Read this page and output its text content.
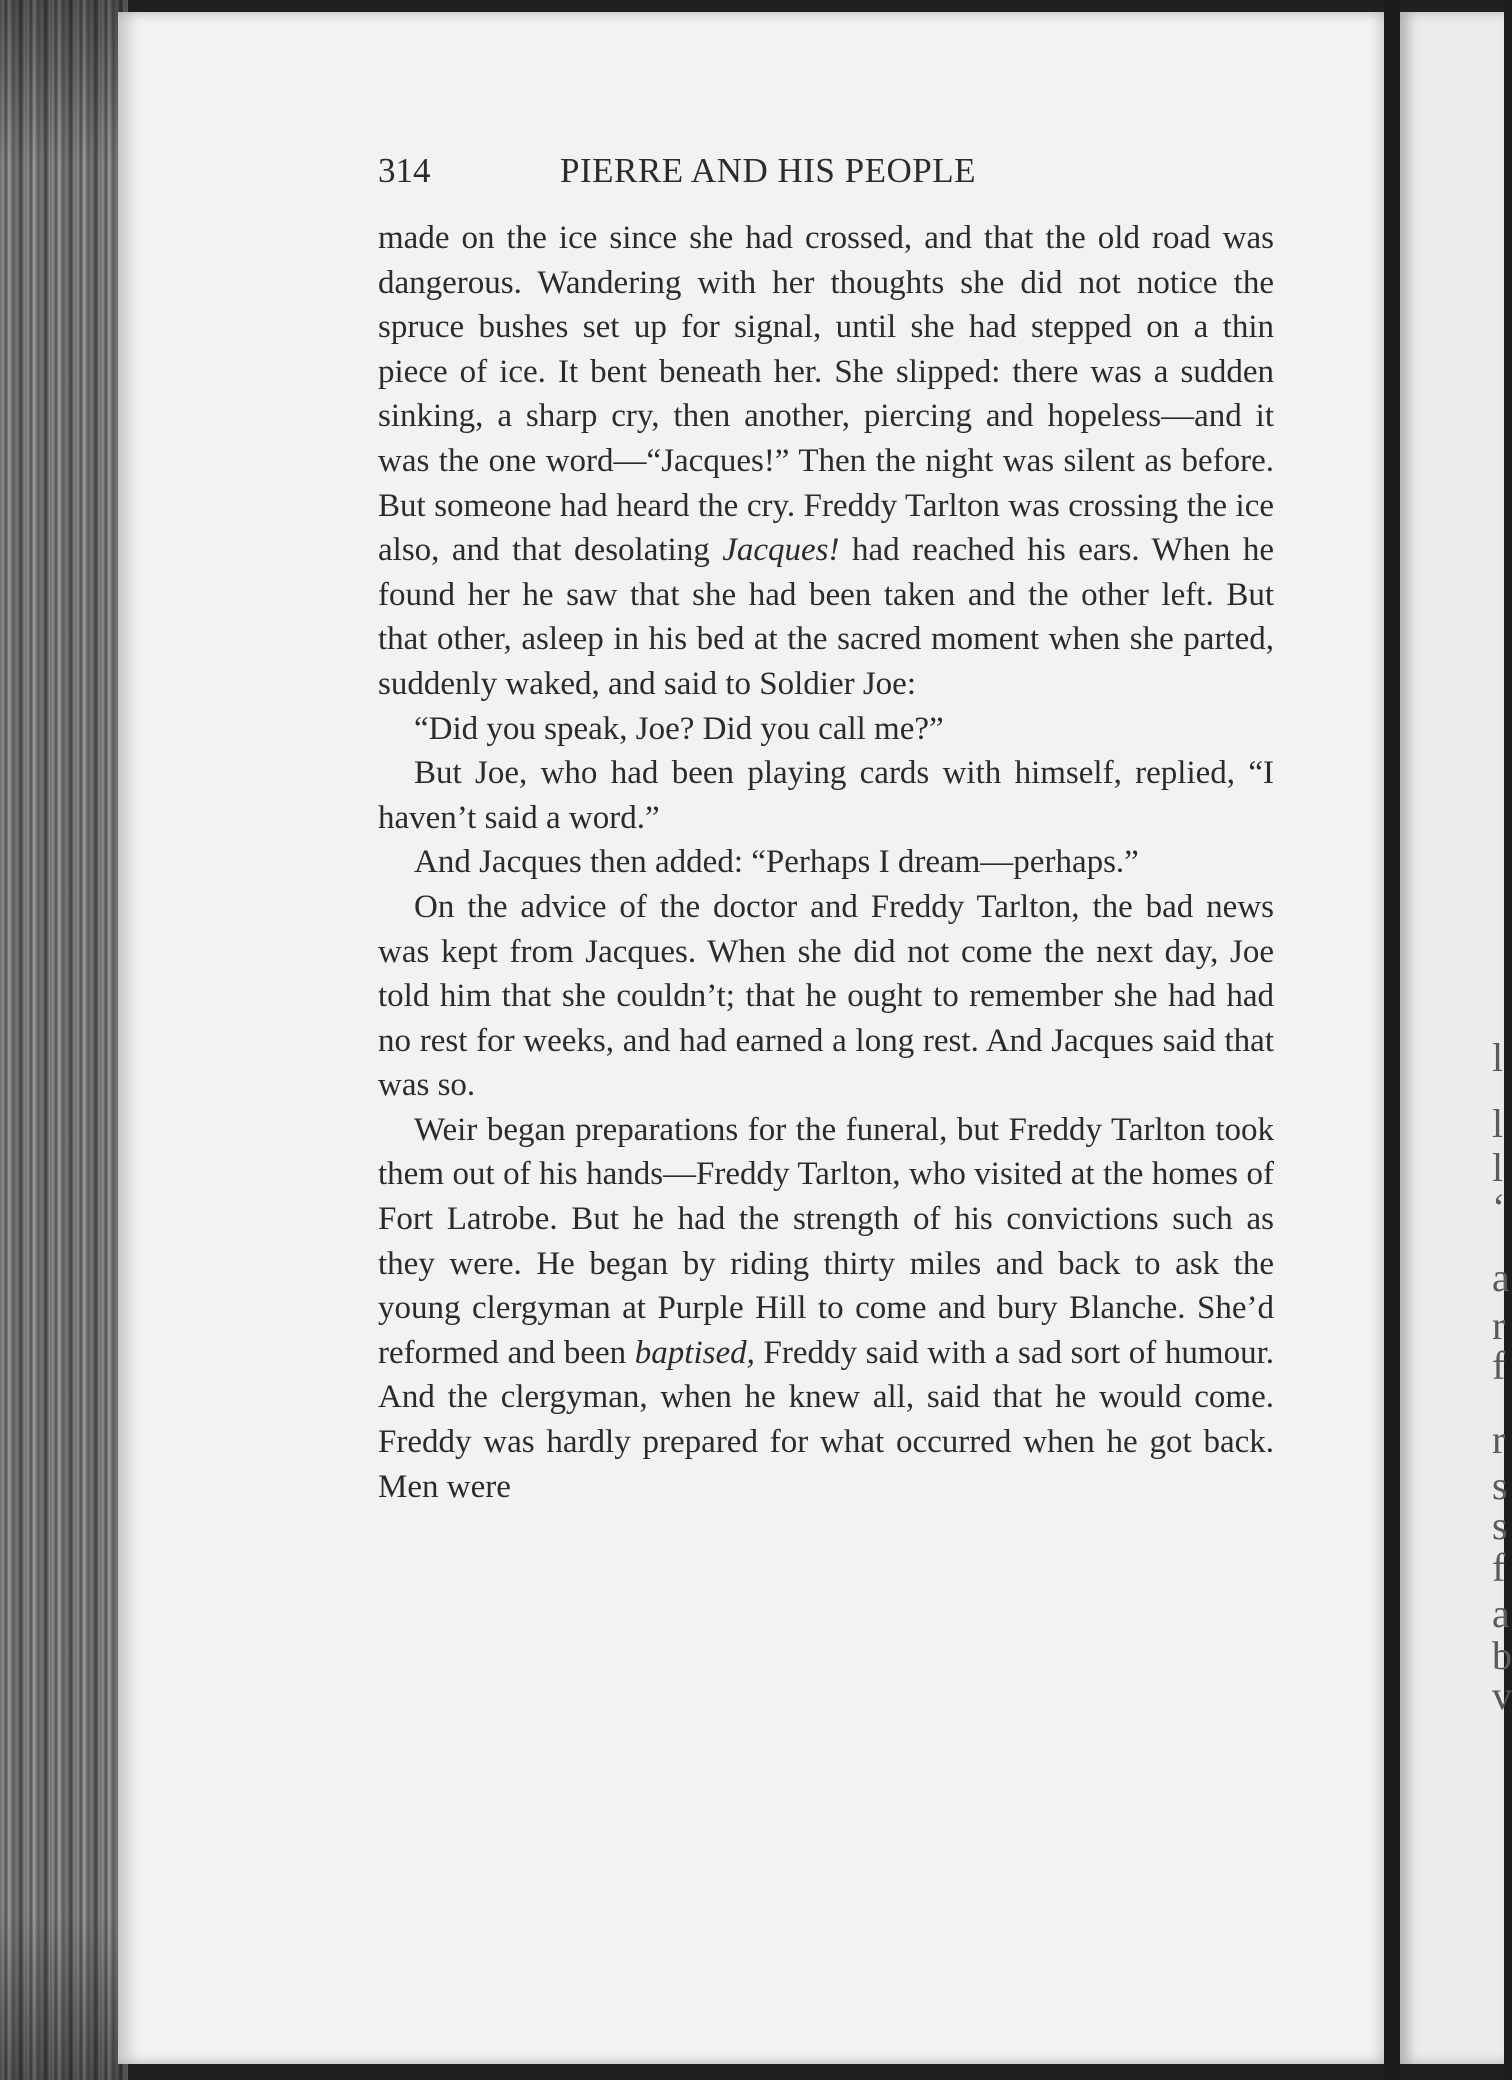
314	PIERRE AND HIS PEOPLE

made on the ice since she had crossed, and that the old road was dangerous. Wandering with her thoughts she did not notice the spruce bushes set up for signal, until she had stepped on a thin piece of ice. It bent beneath her. She slipped: there was a sudden sinking, a sharp cry, then another, piercing and hopeless—and it was the one word—“Jacques!” Then the night was silent as before. But someone had heard the cry. Freddy Tarlton was crossing the ice also, and that desolating Jacques! had reached his ears. When he found her he saw that she had been taken and the other left. But that other, asleep in his bed at the sacred moment when she parted, suddenly waked, and said to Soldier Joe:

“Did you speak, Joe? Did you call me?”

But Joe, who had been playing cards with himself, replied, “I haven’t said a word.”

And Jacques then added: “Perhaps I dream—perhaps.”

On the advice of the doctor and Freddy Tarlton, the bad news was kept from Jacques. When she did not come the next day, Joe told him that she couldn’t; that he ought to remember she had had no rest for weeks, and had earned a long rest. And Jacques said that was so.

Weir began preparations for the funeral, but Freddy Tarlton took them out of his hands—Freddy Tarlton, who visited at the homes of Fort Latrobe. But he had the strength of his convictions such as they were. He began by riding thirty miles and back to ask the young clergyman at Purple Hill to come and bury Blanche. She’d reformed and been baptised, Freddy said with a sad sort of humour. And the clergyman, when he knew all, said that he would come. Freddy was hardly prepared for what occurred when he got back. Men were

l
l
l
‘
a
r
f
r
s
s
f
a
b
v
